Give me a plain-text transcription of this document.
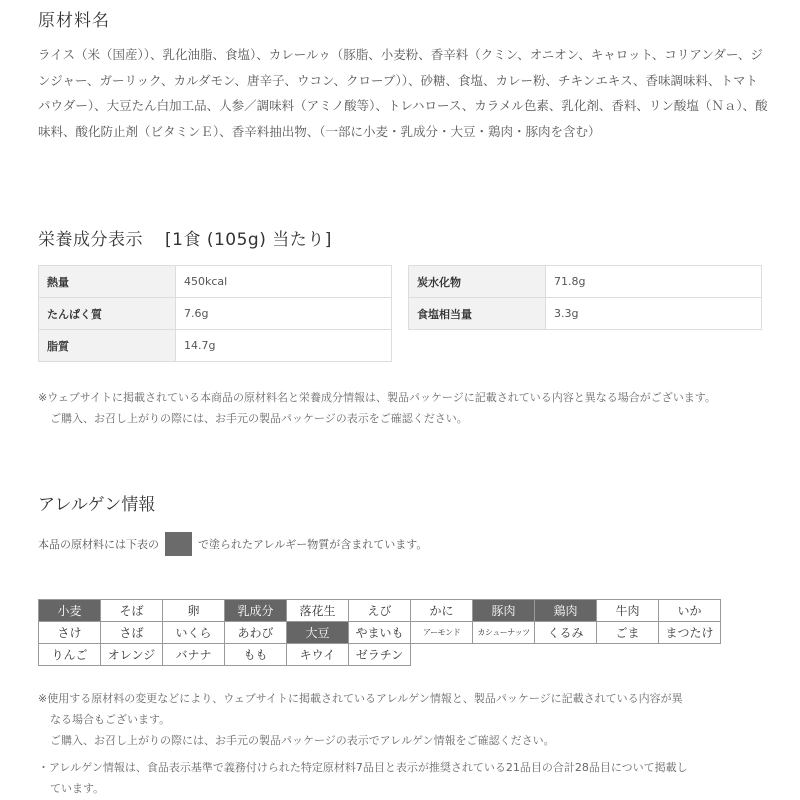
原材料名
ライス（米（国産））、乳化油脂、食塩）、カレールゥ（豚脂、小麦粉、香辛料（クミン、オニオン、キャロット、コリアンダー、ジンジャー、ガーリック、カルダモン、唐辛子、ウコン、クローブ））、砂糖、食塩、カレー粉、チキンエキス、香味調味料、トマトパウダー）、大豆たん白加工品、人参／調味料（アミノ酸等）、トレハロース、カラメル色素、乳化剤、香料、リン酸塩（Ｎａ）、酸味料、酸化防止剤（ビタミンＥ）、香辛料抽出物、（一部に小麦・乳成分・大豆・鶏肉・豚肉を含む）
栄養成分表示 [1食 (105g) 当たり]
熱量	450kcal
たんぱく質	7.6g
脂質	14.7g
炭水化物	71.8g
食塩相当量	3.3g
※ウェブサイトに掲載されている本商品の原材料名と栄養成分情報は、製品パッケージに記載されている内容と異なる場合がございます。
ご購入、お召し上がりの際には、お手元の製品パッケージの表示をご確認ください。
アレルゲン情報
本品の原材料には下表の	で塗られたアレルギー物質が含まれています。
小麦	そば	卵	乳成分	落花生	えび	かに	豚肉	鶏肉	牛肉	いか
さけ	さば	いくら	あわび	大豆	やまいも	アーモンド	カシューナッツ	くるみ	ごま	まつたけ
りんご	オレンジ	バナナ	もも	キウイ	ゼラチン					
※使用する原材料の変更などにより、ウェブサイトに掲載されているアレルゲン情報と、製品パッケージに記載されている内容が異
なる場合もございます。
ご購入、お召し上がりの際には、お手元の製品パッケージの表示でアレルゲン情報をご確認ください。
・アレルゲン情報は、食品表示基準で義務付けられた特定原材料7品目と表示が推奨されている21品目の合計28品目について掲載し
ています。
